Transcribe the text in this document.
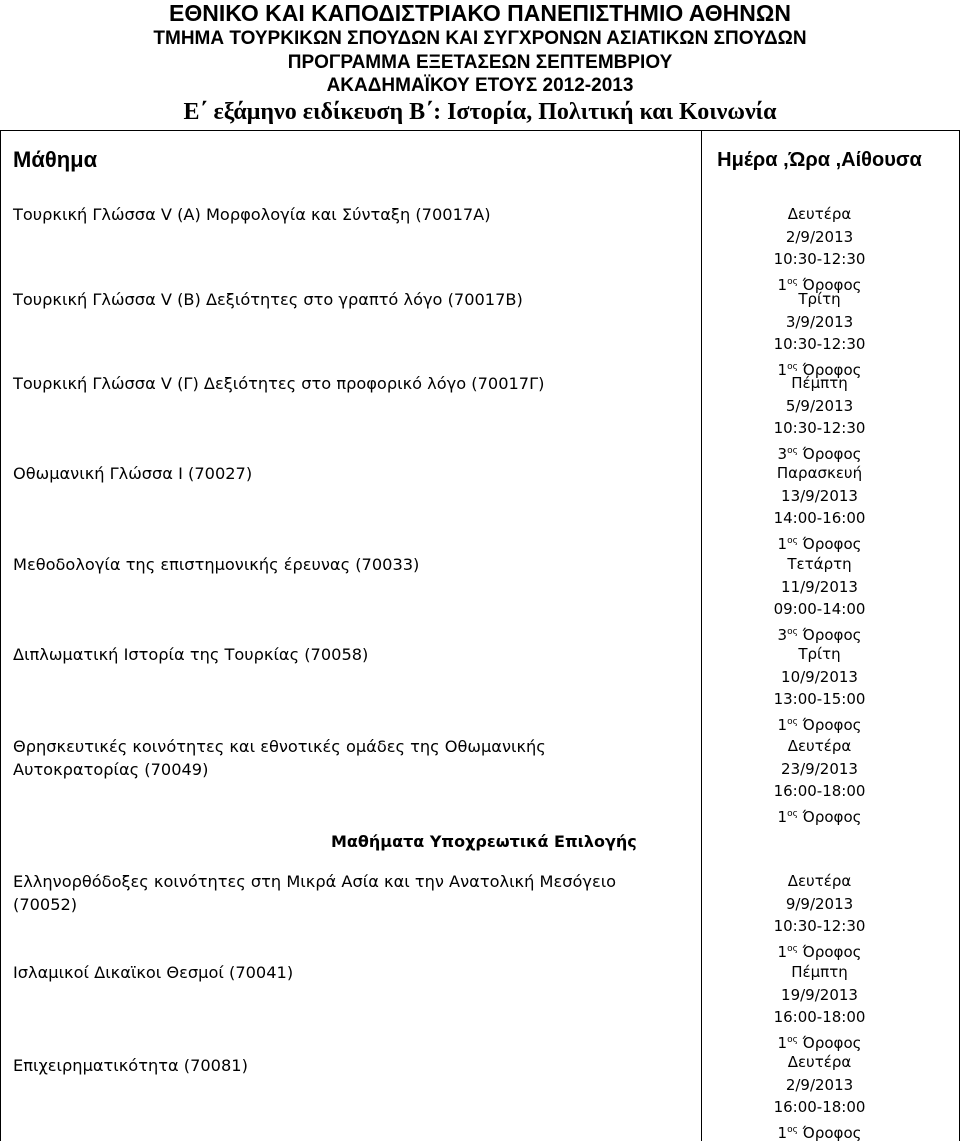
ΕΘΝΙΚΟ ΚΑΙ ΚΑΠΟΔΙΣΤΡΙΑΚΟ ΠΑΝΕΠΙΣΤΗΜΙΟ ΑΘΗΝΩΝ
ΤΜΗΜΑ ΤΟΥΡΚΙΚΩΝ ΣΠΟΥΔΩΝ ΚΑΙ ΣΥΓΧΡΟΝΩΝ ΑΣΙΑΤΙΚΩΝ ΣΠΟΥΔΩΝ
ΠΡΟΓΡΑΜΜΑ ΕΞΕΤΑΣΕΩΝ ΣΕΠΤΕΜΒΡΙΟΥ
ΑΚΑΔΗΜΑΪΚΟΥ ΕΤΟΥΣ 2012-2013
Ε΄ εξάμηνο ειδίκευση Β΄: Ιστορία, Πολιτική και Κοινωνία
Μάθημα	Ημέρα ,Ώρα ,Αίθουσα
Τουρκική Γλώσσα V (Α) Μορφολογία και Σύνταξη (70017Α)	Δευτέρα
2/9/2013
10:30-12:30
$1^{o\varsigma}$ Όροφος
Τουρκική Γλώσσα V (Β) Δεξιότητες στο γραπτό λόγο (70017Β)	Τρίτη
3/9/2013
10:30-12:30
$1^{o\varsigma}$ Όροφος
Τουρκική Γλώσσα V (Γ) Δεξιότητες στο προφορικό λόγο (70017Γ)	Πέμπτη
5/9/2013
10:30-12:30
$3^{o\varsigma}$ Όροφος
Οθωμανική Γλώσσα Ι (70027)	Παρασκευή
13/9/2013
14:00-16:00
$1^{o\varsigma}$ Όροφος
Μεθοδολογία της επιστημονικής έρευνας (70033)	Τετάρτη
11/9/2013
09:00-14:00
$3^{o\varsigma}$ Όροφος
Διπλωματική Ιστορία της Τουρκίας (70058)	Τρίτη
10/9/2013
13:00-15:00
$1^{o\varsigma}$ Όροφος
Θρησκευτικές κοινότητες και εθνοτικές ομάδες της Οθωμανικής
Αυτοκρατορίας (70049)
Δευτέρα
23/9/2013
16:00-18:00
$1^{o\varsigma}$ Όροφος
Μαθήματα Υποχρεωτικά Επιλογής
Ελληνορθόδοξες κοινότητες στη Μικρά Ασία και την Ανατολική Μεσόγειο
(70052)
Δευτέρα
9/9/2013
10:30-12:30
$1^{o\varsigma}$ Όροφος
Ισλαμικοί Δικαϊκοι Θεσμοί (70041)	Πέμπτη
19/9/2013
16:00-18:00
$1^{o\varsigma}$ Όροφος
Επιχειρηματικότητα (70081)	Δευτέρα
2/9/2013
16:00-18:00
$1^{o\varsigma}$ Όροφος
